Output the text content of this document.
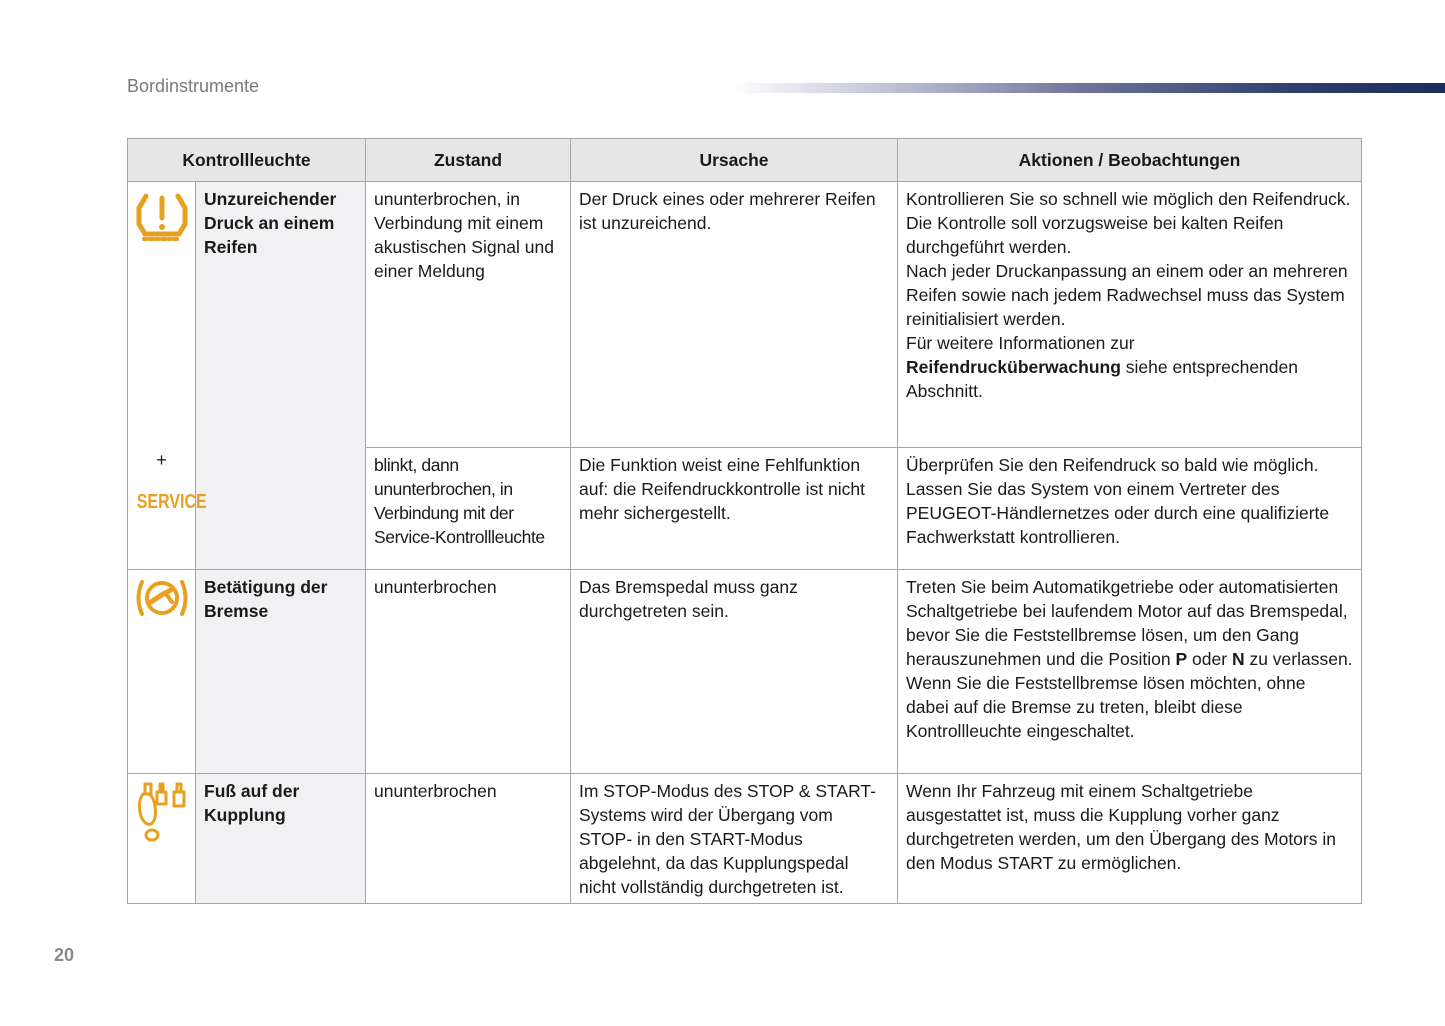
Bordinstrumente
Kontrollleuchte		Zustand	Ursache	Aktionen / Beobachtungen

+
SERVICE	Unzureichender Druck an einem Reifen	ununterbrochen, in Verbindung mit einem akustischen Signal und einer Meldung	Der Druck eines oder mehrerer Reifen ist unzureichend.	Kontrollieren Sie so schnell wie möglich den Reifendruck.
Die Kontrolle soll vorzugsweise bei kalten Reifen durchgeführt werden.
Nach jeder Druckanpassung an einem oder an mehreren Reifen sowie nach jedem Radwechsel muss das System reinitialisiert werden.
Für weitere Informationen zur Reifendrucküberwachung siehe entsprechenden Abschnitt.
		blinkt, dann ununterbrochen, in Verbindung mit der Service-Kontrollleuchte	Die Funktion weist eine Fehlfunktion auf: die Reifendruckkontrolle ist nicht mehr sichergestellt.	Überprüfen Sie den Reifendruck so bald wie möglich.
Lassen Sie das System von einem Vertreter des PEUGEOT-Händlernetzes oder durch eine qualifizierte Fachwerkstatt kontrollieren.
	Betätigung der Bremse	ununterbrochen	Das Bremspedal muss ganz durchgetreten sein.	Treten Sie beim Automatikgetriebe oder automatisierten Schaltgetriebe bei laufendem Motor auf das Bremspedal, bevor Sie die Feststellbremse lösen, um den Gang herauszunehmen und die Position P oder N zu verlassen.
Wenn Sie die Feststellbremse lösen möchten, ohne dabei auf die Bremse zu treten, bleibt diese Kontrollleuchte eingeschaltet.
	Fuß auf der Kupplung	ununterbrochen	Im STOP-Modus des STOP & START-Systems wird der Übergang vom STOP- in den START-Modus abgelehnt, da das Kupplungspedal nicht vollständig durchgetreten ist.	Wenn Ihr Fahrzeug mit einem Schaltgetriebe ausgestattet ist, muss die Kupplung vorher ganz durchgetreten werden, um den Übergang des Motors in den Modus START zu ermöglichen.
20
